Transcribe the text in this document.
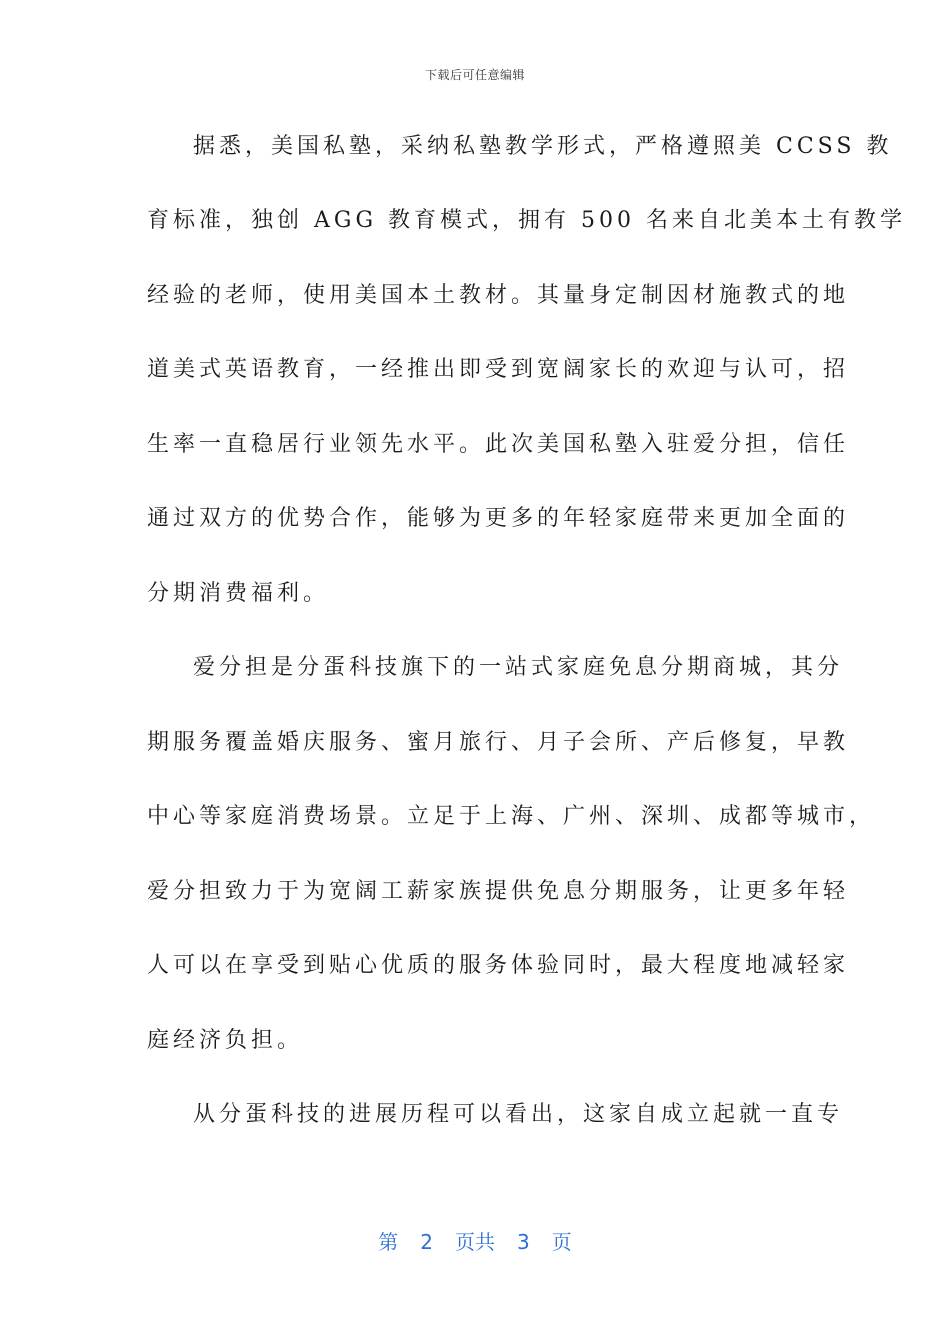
下载后可任意编辑
据悉，美国私塾，采纳私塾教学形式，严格遵照美 CCSS 教
育标准，独创 AGG 教育模式，拥有 500 名来自北美本土有教学
经验的老师，使用美国本土教材。其量身定制因材施教式的地
道美式英语教育，一经推出即受到宽阔家长的欢迎与认可，招
生率一直稳居行业领先水平。此次美国私塾入驻爱分担，信任
通过双方的优势合作，能够为更多的年轻家庭带来更加全面的
分期消费福利。
爱分担是分蛋科技旗下的一站式家庭免息分期商城，其分
期服务覆盖婚庆服务、蜜月旅行、月子会所、产后修复，早教
中心等家庭消费场景。立足于上海、广州、深圳、成都等城市，
爱分担致力于为宽阔工薪家族提供免息分期服务，让更多年轻
人可以在享受到贴心优质的服务体验同时，最大程度地减轻家
庭经济负担。
从分蛋科技的进展历程可以看出，这家自成立起就一直专
第 2 页共 3 页
